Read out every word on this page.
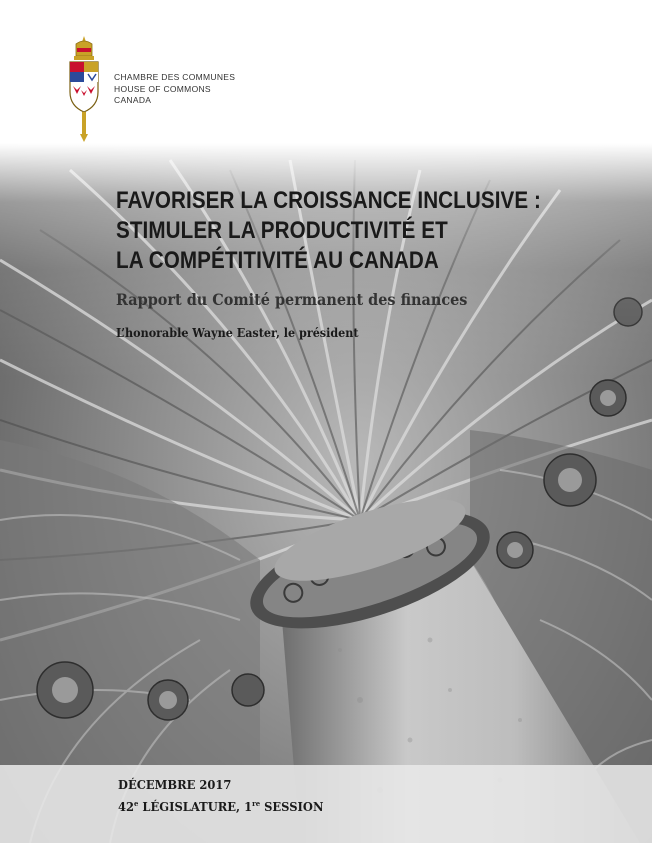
CHAMBRE DES COMMUNES
HOUSE OF COMMONS
CANADA
FAVORISER LA CROISSANCE INCLUSIVE :
STIMULER LA PRODUCTIVITÉ ET
LA COMPÉTITIVITÉ AU CANADA
Rapport du Comité permanent des finances
L’honorable Wayne Easter, le président
DÉCEMBRE 2017
42e LÉGISLATURE, 1re SESSION
